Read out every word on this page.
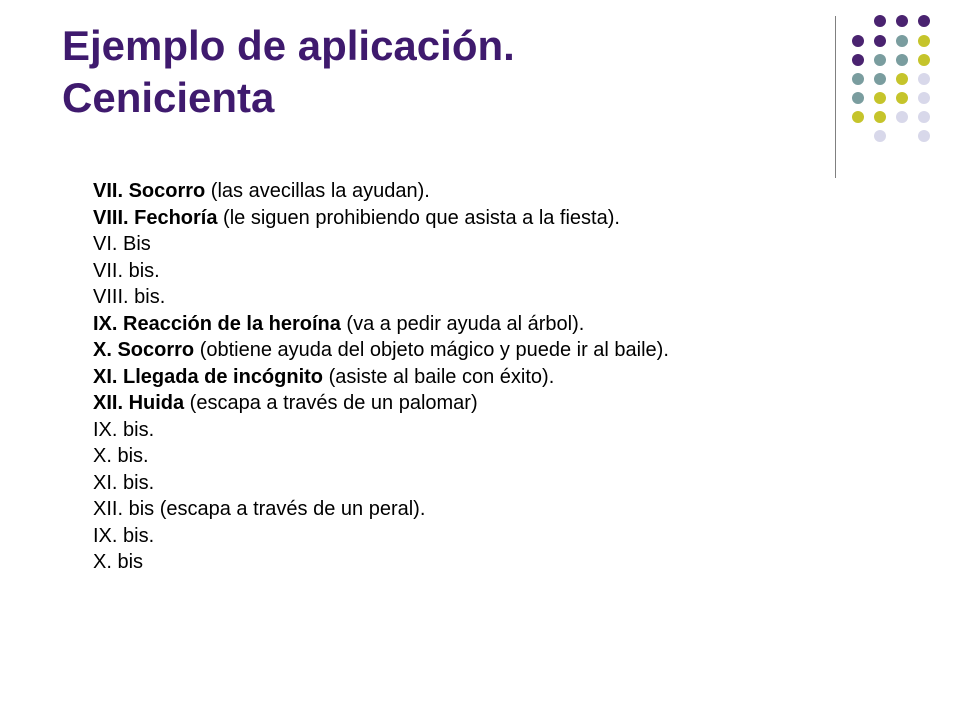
Ejemplo de aplicación.
Cenicienta
VII. Socorro (las avecillas la ayudan).
VIII. Fechoría (le siguen prohibiendo que asista a la fiesta).
VI. Bis
VII. bis.
VIII. bis.
IX. Reacción de la heroína (va a pedir ayuda al árbol).
X. Socorro (obtiene ayuda del objeto mágico y puede ir al baile).
XI. Llegada de incógnito (asiste al baile con éxito).
XII. Huida (escapa a través de un palomar)
IX. bis.
X. bis.
XI. bis.
XII. bis (escapa a través de un peral).
IX. bis.
X. bis
